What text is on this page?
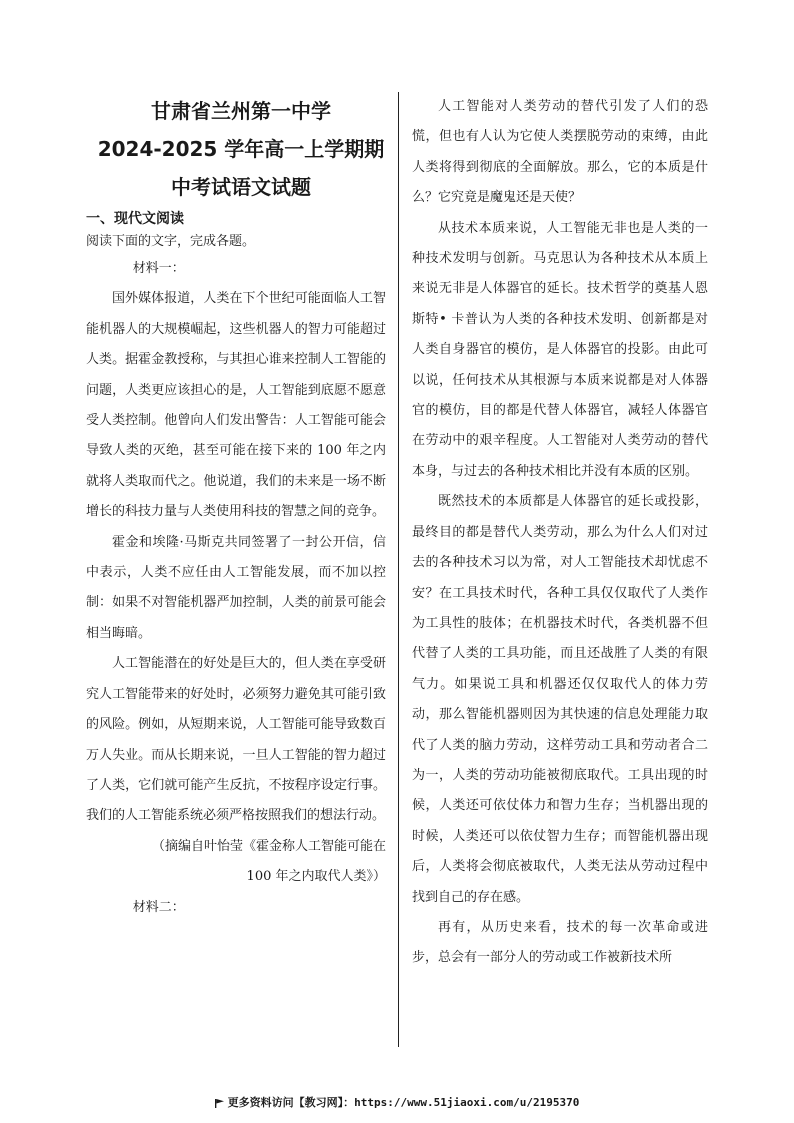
甘肃省兰州第一中学
2024-2025 学年高一上学期期
中考试语文试题
一、现代文阅读
阅读下面的文字，完成各题。

材料一：

国外媒体报道，人类在下个世纪可能面临人工智能机器人的大规模崛起，这些机器人的智力可能超过人类。据霍金教授称，与其担心谁来控制人工智能的问题，人类更应该担心的是，人工智能到底愿不愿意受人类控制。他曾向人们发出警告：人工智能可能会导致人类的灭绝，甚至可能在接下来的 100 年之内就将人类取而代之。他说道，我们的未来是一场不断增长的科技力量与人类使用科技的智慧之间的竞争。

霍金和埃隆·马斯克共同签署了一封公开信，信中表示，人类不应任由人工智能发展，而不加以控制：如果不对智能机器严加控制，人类的前景可能会相当晦暗。

人工智能潜在的好处是巨大的，但人类在享受研究人工智能带来的好处时，必须努力避免其可能引致的风险。例如，从短期来说，人工智能可能导致数百万人失业。而从长期来说，一旦人工智能的智力超过了人类，它们就可能产生反抗，不按程序设定行事。我们的人工智能系统必须严格按照我们的想法行动。

（摘编自叶怡莹《霍金称人工智能可能在

100 年之内取代人类》）

材料二：

人工智能对人类劳动的替代引发了人们的恐慌，但也有人认为它使人类摆脱劳动的束缚，由此人类将得到彻底的全面解放。那么，它的本质是什么？它究竟是魔鬼还是天使？

从技术本质来说，人工智能无非也是人类的一种技术发明与创新。马克思认为各种技术从本质上来说无非是人体器官的延长。技术哲学的奠基人恩斯特• 卡普认为人类的各种技术发明、创新都是对人类自身器官的模仿，是人体器官的投影。由此可以说，任何技术从其根源与本质来说都是对人体器官的模仿，目的都是代替人体器官，减轻人体器官在劳动中的艰辛程度。人工智能对人类劳动的替代本身，与过去的各种技术相比并没有本质的区别。

既然技术的本质都是人体器官的延长或投影，最终目的都是替代人类劳动，那么为什么人们对过去的各种技术习以为常，对人工智能技术却忧虑不安？在工具技术时代，各种工具仅仅取代了人类作为工具性的肢体；在机器技术时代，各类机器不但代替了人类的工具功能，而且还战胜了人类的有限气力。如果说工具和机器还仅仅取代人的体力劳动，那么智能机器则因为其快速的信息处理能力取代了人类的脑力劳动，这样劳动工具和劳动者合二为一，人类的劳动功能被彻底取代。工具出现的时候，人类还可依仗体力和智力生存；当机器出现的时候，人类还可以依仗智力生存；而智能机器出现后，人类将会彻底被取代，人类无法从劳动过程中找到自己的存在感。

再有，从历史来看，技术的每一次革命或进步，总会有一部分人的劳动或工作被新技术所

更多资料访问【教习网】：https://www.51jiaoxi.com/u/2195370
